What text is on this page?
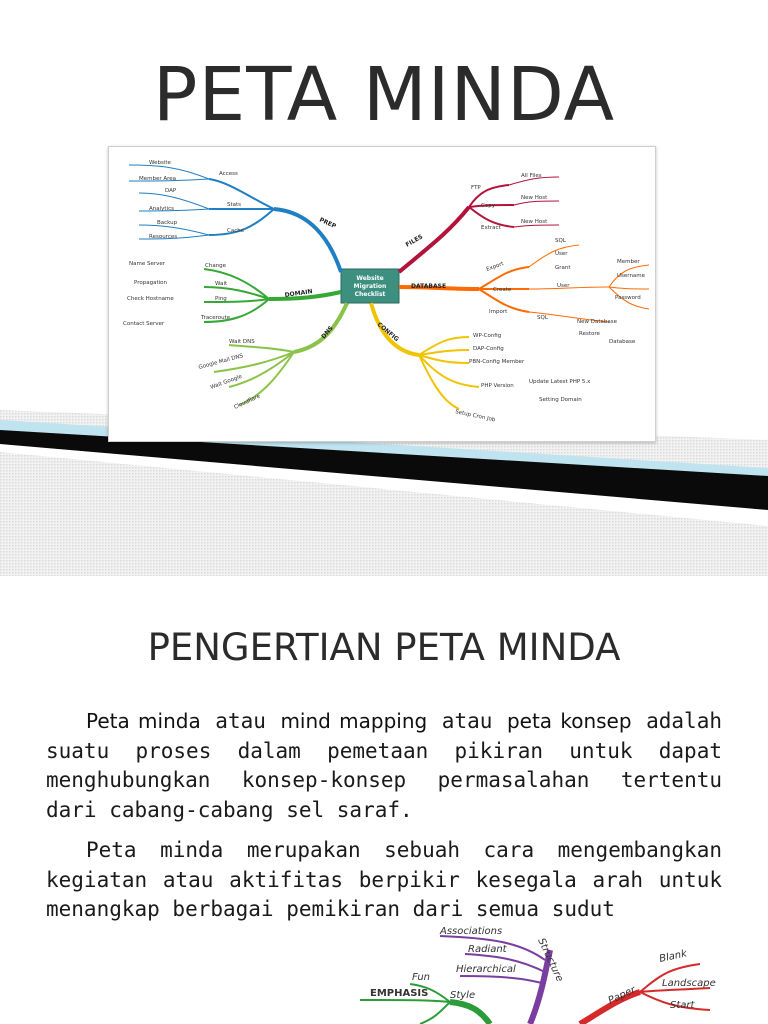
PETA MINDA
Website
Migration
Checklist
PREP
Website
Member Area
DAP
Analytics
Backup
Resources
Access
Stats
Cache
DOMAIN
Name Server
Propagation
Check Hostname
Contact Server
Change
Wait
Ping
Traceroute
DNS
Wait DNS
Google Mail DNS
Wait Google
Cloudflare
FILES
FTP
Copy
Extract
All Files
New Host
New Host
DATABASE
Export
Create
Import
SQL
User
Grant
User
Member
Username
Password
SQL
New Database
Restore
Database
CONFIG	WP-Config
DAP-Config
PBN-Config Member
PHP Version
Setup Cron Job
Update Latest PHP 5.x
Setting Domain
PENGERTIAN PETA MINDA

Peta minda atau mind mapping atau peta konsep adalah suatu proses dalam pemetaan pikiran untuk dapat menghubungkan konsep-konsep permasalahan tertentu dari cabang-cabang sel saraf.

Peta minda merupakan sebuah cara mengembangkan kegiatan atau aktifitas berpikir kesegala arah untuk menangkap berbagai pemikiran dari semua sudut

Associations
Radiant
Hierarchical Structure
Fun
EMPHASIS Style	Paper
Blank
Landscape
Start
